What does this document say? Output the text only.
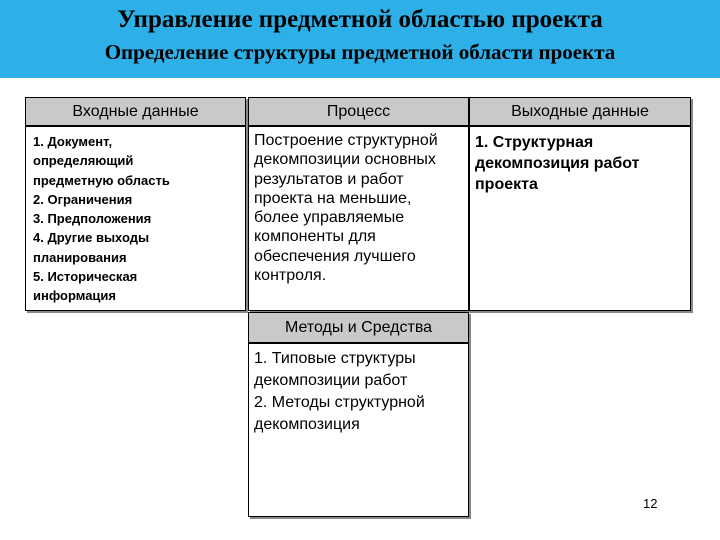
Управление предметной областью проекта
Определение структуры предметной области проекта
Входные данные
1. Документ,
определяющий
предметную область
2. Ограничения
3. Предположения
4. Другие выходы
планирования
5. Историческая
информация
Процесс
Построение структурной
декомпозиции основных
результатов и работ
проекта на меньшие,
более управляемые
компоненты для
обеспечения лучшего
контроля.
Выходные данные
1. Структурная
декомпозиция работ
проекта
Методы и Средства
1. Типовые структуры
декомпозиции работ
2. Методы структурной
декомпозиция
12
